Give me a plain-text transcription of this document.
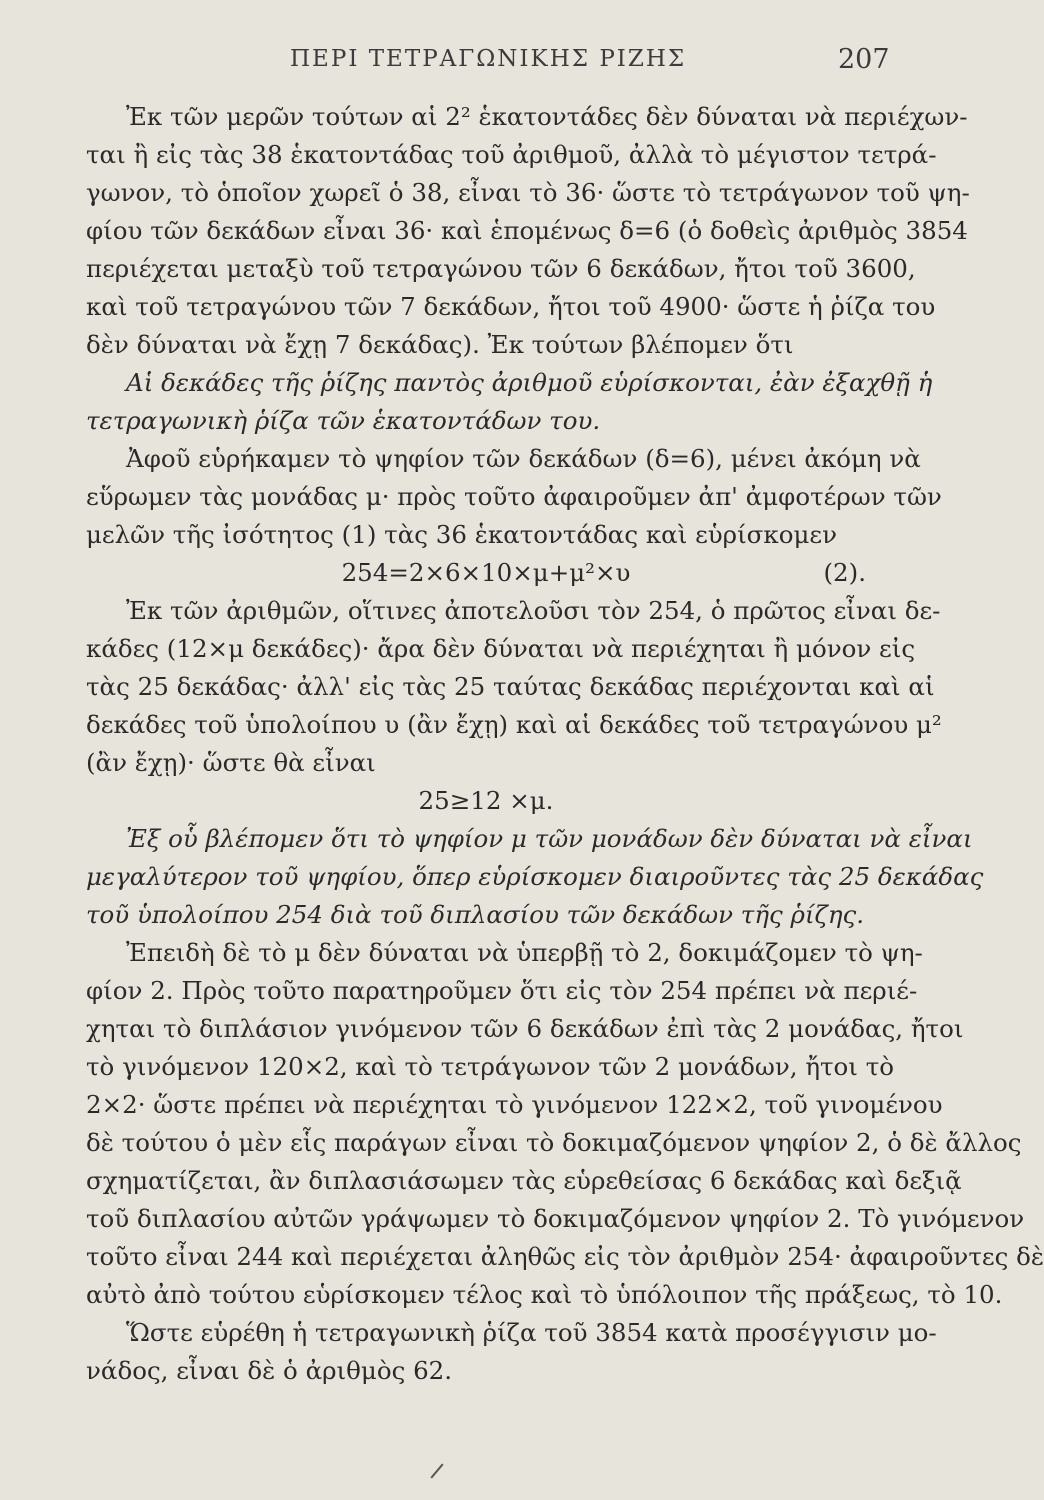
ΠΕΡΙ ΤΕΤΡΑΓΩΝΙΚΗΣ ΡΙΖΗΣ	207
Ἐκ τῶν μερῶν τούτων αἱ 2² ἑκατοντάδες δὲν δύναται νὰ περιέχων-
ται ἢ εἰς τὰς 38 ἑκατοντάδας τοῦ ἀριθμοῦ, ἀλλὰ τὸ μέγιστον τετρά-
γωνον, τὸ ὁποῖον χωρεῖ ὁ 38, εἶναι τὸ 36· ὥστε τὸ τετράγωνον τοῦ ψη-
φίου τῶν δεκάδων εἶναι 36· καὶ ἑπομένως δ=6 (ὁ δοθεὶς ἀριθμὸς 3854
περιέχεται μεταξὺ τοῦ τετραγώνου τῶν 6 δεκάδων, ἤτοι τοῦ 3600,
καὶ τοῦ τετραγώνου τῶν 7 δεκάδων, ἤτοι τοῦ 4900· ὥστε ἡ ῥίζα του
δὲν δύναται νὰ ἔχῃ 7 δεκάδας). Ἐκ τούτων βλέπομεν ὅτι
Αἱ δεκάδες τῆς ῥίζης παντὸς ἀριθμοῦ εὑρίσκονται, ἐὰν ἐξαχθῇ ἡ
τετραγωνικὴ ῥίζα τῶν ἑκατοντάδων του.
Ἀφοῦ εὑρήκαμεν τὸ ψηφίον τῶν δεκάδων (δ=6), μένει ἀκόμη νὰ
εὕρωμεν τὰς μονάδας μ· πρὸς τοῦτο ἀφαιροῦμεν ἀπ' ἀμφοτέρων τῶν
μελῶν τῆς ἰσότητος (1) τὰς 36 ἑκατοντάδας καὶ εὑρίσκομεν
254=2×6×10×μ+μ²×υ	(2).
Ἐκ τῶν ἀριθμῶν, οἵτινες ἀποτελοῦσι τὸν 254, ὁ πρῶτος εἶναι δε-
κάδες (12×μ δεκάδες)· ἄρα δὲν δύναται νὰ περιέχηται ἢ μόνον εἰς
τὰς 25 δεκάδας· ἀλλ' εἰς τὰς 25 ταύτας δεκάδας περιέχονται καὶ αἱ
δεκάδες τοῦ ὑπολοίπου υ (ἂν ἔχῃ) καὶ αἱ δεκάδες τοῦ τετραγώνου μ²
(ἂν ἔχῃ)· ὥστε θὰ εἶναι
25≥12 ×μ.
Ἐξ οὗ βλέπομεν ὅτι τὸ ψηφίον μ τῶν μονάδων δὲν δύναται νὰ εἶναι
μεγαλύτερον τοῦ ψηφίου, ὅπερ εὑρίσκομεν διαιροῦντες τὰς 25 δεκάδας
τοῦ ὑπολοίπου 254 διὰ τοῦ διπλασίου τῶν δεκάδων τῆς ῥίζης.
Ἐπειδὴ δὲ τὸ μ δὲν δύναται νὰ ὑπερβῇ τὸ 2, δοκιμάζομεν τὸ ψη-
φίον 2. Πρὸς τοῦτο παρατηροῦμεν ὅτι εἰς τὸν 254 πρέπει νὰ περιέ-
χηται τὸ διπλάσιον γινόμενον τῶν 6 δεκάδων ἐπὶ τὰς 2 μονάδας, ἤτοι
τὸ γινόμενον 120×2, καὶ τὸ τετράγωνον τῶν 2 μονάδων, ἤτοι τὸ
2×2· ὥστε πρέπει νὰ περιέχηται τὸ γινόμενον 122×2, τοῦ γινομένου
δὲ τούτου ὁ μὲν εἷς παράγων εἶναι τὸ δοκιμαζόμενον ψηφίον 2, ὁ δὲ ἄλλος
σχηματίζεται, ἂν διπλασιάσωμεν τὰς εὑρεθείσας 6 δεκάδας καὶ δεξιᾷ
τοῦ διπλασίου αὐτῶν γράψωμεν τὸ δοκιμαζόμενον ψηφίον 2. Τὸ γινόμενον
τοῦτο εἶναι 244 καὶ περιέχεται ἀληθῶς εἰς τὸν ἀριθμὸν 254· ἀφαιροῦντες δὲ
αὐτὸ ἀπὸ τούτου εὑρίσκομεν τέλος καὶ τὸ ὑπόλοιπον τῆς πράξεως, τὸ 10.
Ὥστε εὑρέθη ἡ τετραγωνικὴ ῥίζα τοῦ 3854 κατὰ προσέγγισιν μο-
νάδος, εἶναι δὲ ὁ ἀριθμὸς 62.
